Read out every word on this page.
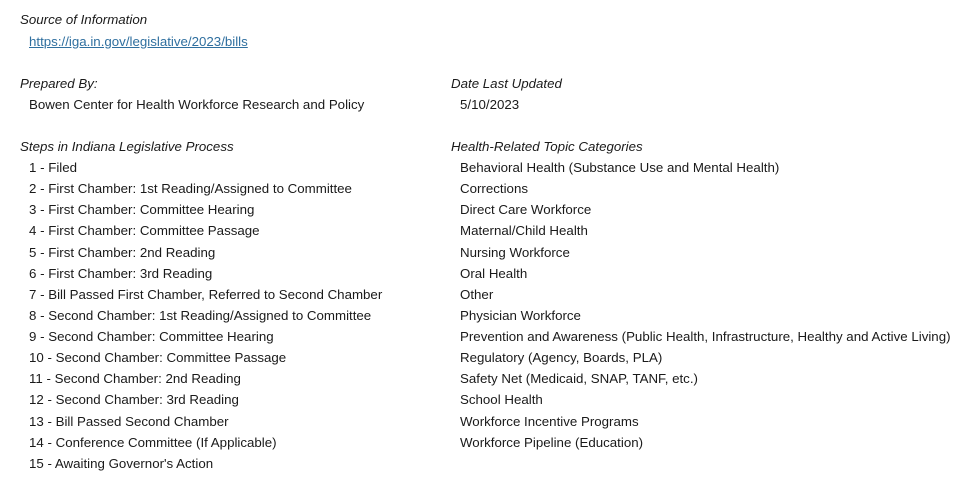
Source of Information
https://iga.in.gov/legislative/2023/bills
Prepared By:
Bowen Center for Health Workforce Research and Policy
Steps in Indiana Legislative Process
1 - Filed
2 - First Chamber: 1st Reading/Assigned to Committee
3 - First Chamber: Committee Hearing
4 - First Chamber: Committee Passage
5 - First Chamber: 2nd Reading
6 - First Chamber: 3rd Reading
7 - Bill Passed First Chamber, Referred to Second Chamber
8 - Second Chamber: 1st Reading/Assigned to Committee
9 - Second Chamber: Committee Hearing
10 - Second Chamber: Committee Passage
11 - Second Chamber: 2nd Reading
12 - Second Chamber: 3rd Reading
13 - Bill Passed Second Chamber
14 - Conference Committee (If Applicable)
15 - Awaiting Governor's Action
Date Last Updated
5/10/2023
Health-Related Topic Categories
Behavioral Health (Substance Use and Mental Health)
Corrections
Direct Care Workforce
Maternal/Child Health
Nursing Workforce
Oral Health
Other
Physician Workforce
Prevention and Awareness (Public Health, Infrastructure, Healthy and Active Living)
Regulatory (Agency, Boards, PLA)
Safety Net (Medicaid, SNAP, TANF, etc.)
School Health
Workforce Incentive Programs
Workforce Pipeline (Education)
